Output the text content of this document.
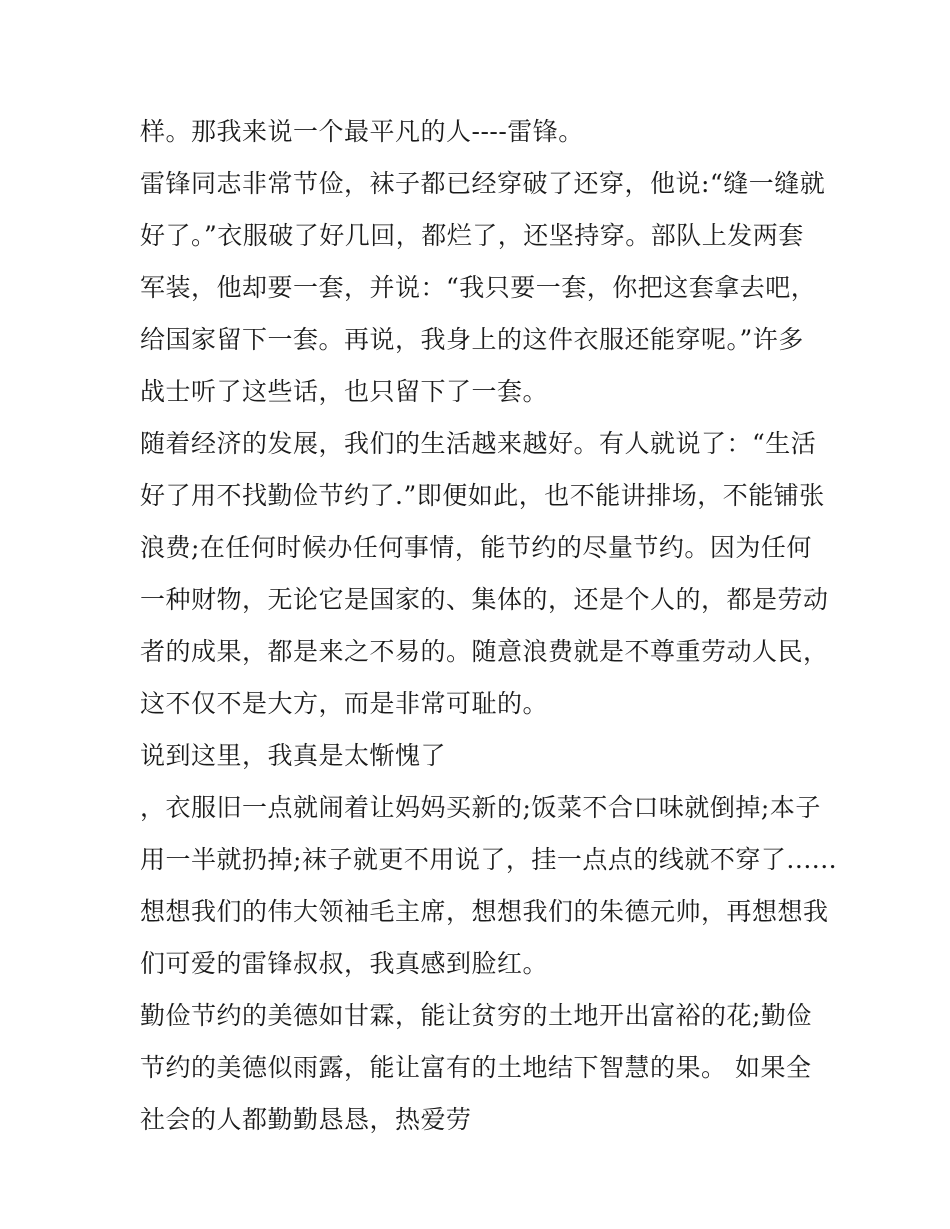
样。那我来说一个最平凡的人----雷锋。
雷锋同志非常节俭，袜子都已经穿破了还穿，他说:“缝一缝就
好了。”衣服破了好几回，都烂了，还坚持穿。部队上发两套
军装，他却要一套，并说：“我只要一套，你把这套拿去吧，
给国家留下一套。再说，我身上的这件衣服还能穿呢。”许多
战士听了这些话，也只留下了一套。
随着经济的发展，我们的生活越来越好。有人就说了：“生活
好了用不找勤俭节约了.”即便如此，也不能讲排场，不能铺张
浪费;在任何时候办任何事情，能节约的尽量节约。因为任何
一种财物，无论它是国家的、集体的，还是个人的，都是劳动
者的成果，都是来之不易的。随意浪费就是不尊重劳动人民，
这不仅不是大方，而是非常可耻的。
说到这里，我真是太惭愧了
，衣服旧一点就闹着让妈妈买新的;饭菜不合口味就倒掉;本子
用一半就扔掉;袜子就更不用说了，挂一点点的线就不穿了......
想想我们的伟大领袖毛主席，想想我们的朱德元帅，再想想我
们可爱的雷锋叔叔，我真感到脸红。
勤俭节约的美德如甘霖，能让贫穷的土地开出富裕的花;勤俭
节约的美德似雨露，能让富有的土地结下智慧的果。 如果全
社会的人都勤勤恳恳，热爱劳
